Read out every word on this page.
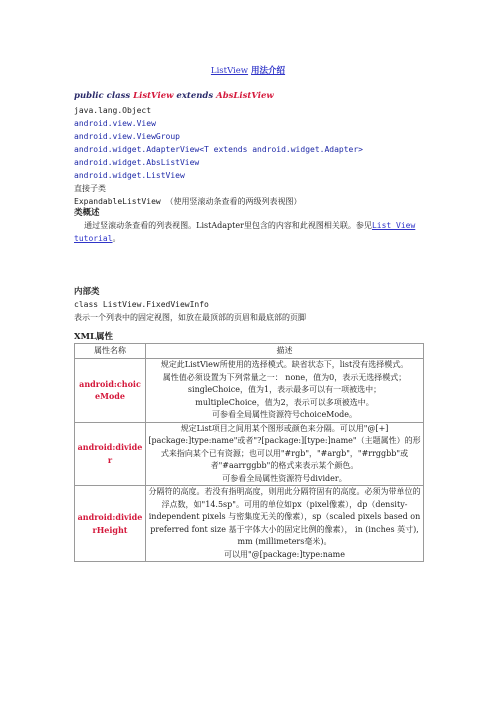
ListView 用法介绍
public class ListView extends AbsListView
java.lang.Object
android.view.View
android.view.ViewGroup
android.widget.AdapterView<T extends android.widget.Adapter>
android.widget.AbsListView
android.widget.ListView
直接子类
ExpandableListView （使用竖滚动条查看的两级列表视图）
类概述
通过竖滚动条查看的列表视图。ListAdapter里包含的内容和此视图相关联。参见List View tutorial。
内部类
class ListView.FixedViewInfo
表示一个列表中的固定视图，如放在最顶部的页眉和最底部的页脚
XML属性
属性名称	描述
android:choiceMode	规定此ListView所使用的选择模式。缺省状态下，list没有选择模式。
属性值必须设置为下列常量之一： none，值为0，表示无选择模式；
singleChoice，值为1，表示最多可以有一项被选中；
multipleChoice，值为2，表示可以多项被选中。
可参看全局属性资源符号choiceMode。

android:divider	规定List项目之间用某个图形或颜色来分隔。可以用"@[+][package:]type:name"或者"?[package:][type:]name"（主题属性）的形式来指向某个已有资源；也可以用"#rgb"，"#argb"，"#rrggbb"或者"#aarrggbb"的格式来表示某个颜色。
可参看全局属性资源符号divider。

android:dividerHeight	分隔符的高度。若没有指明高度，则用此分隔符固有的高度。必须为带单位的浮点数，如"14.5sp"。可用的单位如px（pixel像素），dp（density-independent pixels 与密集度无关的像素），sp（scaled pixels based on preferred font size 基于字体大小的固定比例的像素）， in (inches 英寸), mm (millimeters毫米)。
可以用"@[package:]type:name
